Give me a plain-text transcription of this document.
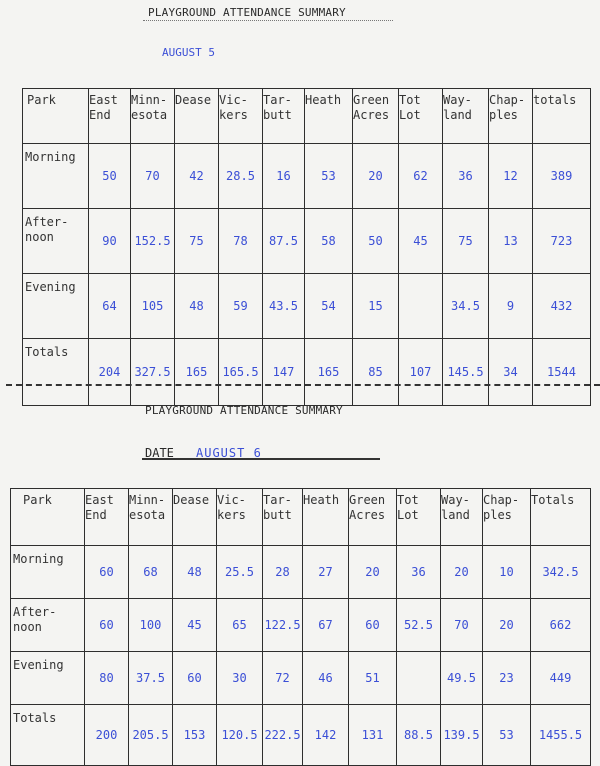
PLAYGROUND ATTENDANCE SUMMARY
AUGUST 5
Park	East End	Minn-esota	Dease	Vic-kers	Tar-butt	Heath	Green Acres	Tot Lot	Way-land	Chap-ples	totals
Morning	50	70	42	28.5	16	53	20	62	36	12	389
After-noon	90	152.5	75	78	87.5	58	50	45	75	13	723
Evening	64	105	48	59	43.5	54	15		34.5	9	432
Totals	204	327.5	165	165.5	147	165	85	107	145.5	34	1544
PLAYGROUND ATTENDANCE SUMMARY
DATE AUGUST 6
Park	East End	Minn-esota	Dease	Vic-kers	Tar-butt	Heath	Green Acres	Tot Lot	Way-land	Chap-ples	Totals
Morning	60	68	48	25.5	28	27	20	36	20	10	342.5
After-noon	60	100	45	65	122.5	67	60	52.5	70	20	662
Evening	80	37.5	60	30	72	46	51		49.5	23	449
Totals	200	205.5	153	120.5	222.5	142	131	88.5	139.5	53	1455.5
